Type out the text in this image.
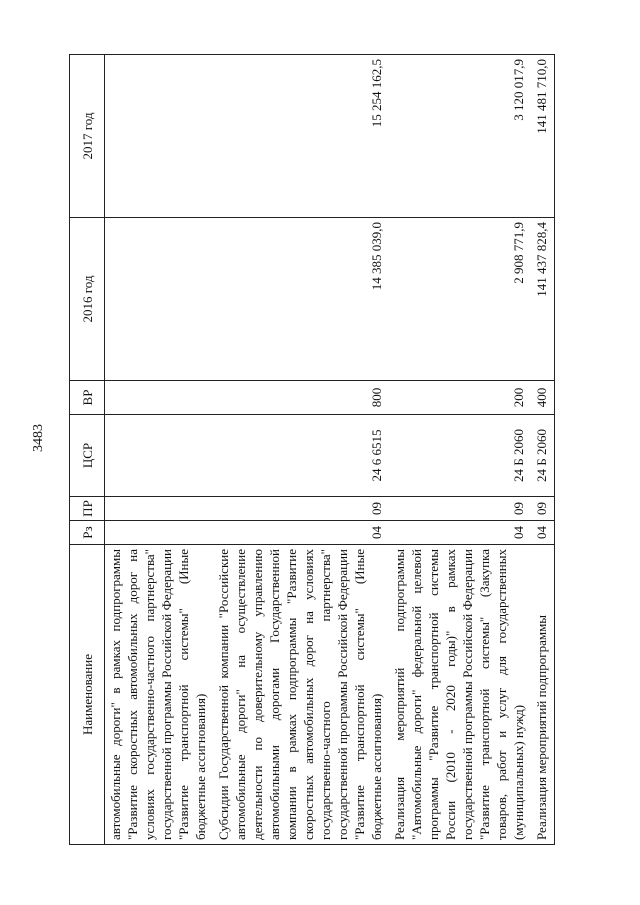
3483
Наименование	Рз	ПР	ЦСР	ВР	2016 год	2017 год
автомобильные дороги" в рамках подпрограммы "Развитие скоростных автомобильных дорог на условиях государственно-частного партнерства" государственной программы Российской Федерации "Развитие транспортной системы" (Иные бюджетные ассигнования)						
Субсидии Государственной компании "Российские автомобильные дороги" на осуществление деятельности по доверительному управлению автомобильными дорогами Государственной компании в рамках подпрограммы "Развитие скоростных автомобильных дорог на условиях государственно-частного партнерства" государственной программы Российской Федерации "Развитие транспортной системы" (Иные бюджетные ассигнования)	04	09	24 6 6515	800	14 385 039,0	15 254 162,5
Реализация мероприятий подпрограммы "Автомобильные дороги" федеральной целевой программы "Развитие транспортной системы России (2010 - 2020 годы)" в рамках государственной программы Российской Федерации "Развитие транспортной системы" (Закупка товаров, работ и услуг для государственных (муниципальных) нужд)	04	09	24 Б 2060	200	2 908 771,9	3 120 017,9
Реализация мероприятий подпрограммы	04	09	24 Б 2060	400	141 437 828,4	141 481 710,0
